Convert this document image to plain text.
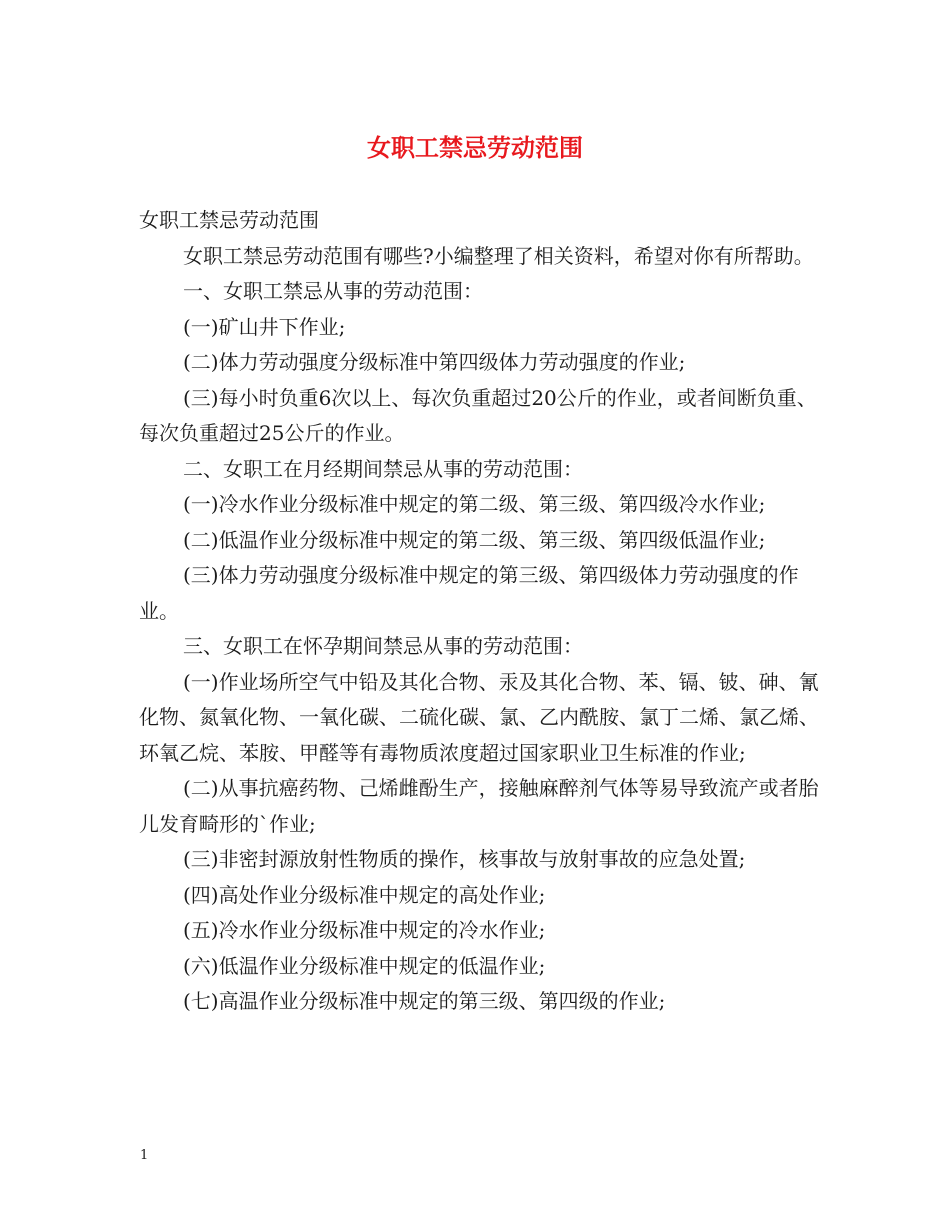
女职工禁忌劳动范围

女职工禁忌劳动范围

女职工禁忌劳动范围有哪些?小编整理了相关资料，希望对你有所帮助。

一、女职工禁忌从事的劳动范围：

(一)矿山井下作业;

(二)体力劳动强度分级标准中第四级体力劳动强度的作业;

(三)每小时负重6次以上、每次负重超过20公斤的作业，或者间断负重、每次负重超过25公斤的作业。

二、女职工在月经期间禁忌从事的劳动范围：

(一)冷水作业分级标准中规定的第二级、第三级、第四级冷水作业;

(二)低温作业分级标准中规定的第二级、第三级、第四级低温作业;

(三)体力劳动强度分级标准中规定的第三级、第四级体力劳动强度的作业。

三、女职工在怀孕期间禁忌从事的劳动范围：

(一)作业场所空气中铅及其化合物、汞及其化合物、苯、镉、铍、砷、氰化物、氮氧化物、一氧化碳、二硫化碳、氯、乙内酰胺、氯丁二烯、氯乙烯、环氧乙烷、苯胺、甲醛等有毒物质浓度超过国家职业卫生标准的作业;

(二)从事抗癌药物、己烯雌酚生产，接触麻醉剂气体等易导致流产或者胎儿发育畸形的`作业;

(三)非密封源放射性物质的操作，核事故与放射事故的应急处置;

(四)高处作业分级标准中规定的高处作业;

(五)冷水作业分级标准中规定的冷水作业;

(六)低温作业分级标准中规定的低温作业;

(七)高温作业分级标准中规定的第三级、第四级的作业;

1
